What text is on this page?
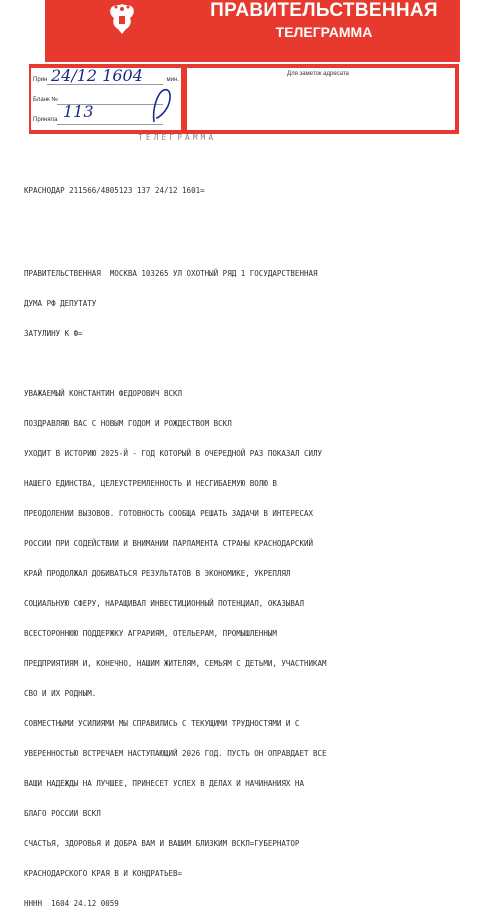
ПРАВИТЕЛЬСТВЕННАЯ
ТЕЛЕГРАММА
Прин 24/12 1604	мин.
Бланк №
Приняла 113
Для заметок адресата
ТЕЛЕГРАММА

КРАСНОДАР 211566/4805123 137 24/12 1601=

ПРАВИТЕЛЬСТВЕННАЯ  МОСКВА 103265 УЛ ОХОТНЫЙ РЯД 1 ГОСУДАРСТВЕННАЯ

ДУМА РФ ДЕПУТАТУ

ЗАТУЛИНУ К Ф=

УВАЖАЕМЫЙ КОНСТАНТИН ФЕДОРОВИЧ ВСКЛ

ПОЗДРАВЛЯЮ ВАС С НОВЫМ ГОДОМ И РОЖДЕСТВОМ ВСКЛ

УХОДИТ В ИСТОРИЮ 2025-Й - ГОД КОТОРЫЙ В ОЧЕРЕДНОЙ РАЗ ПОКАЗАЛ СИЛУ

НАШЕГО ЕДИНСТВА, ЦЕЛЕУСТРЕМЛЕННОСТЬ И НЕСГИБАЕМУЮ ВОЛЮ В

ПРЕОДОЛЕНИИ ВЫЗОВОВ. ГОТОВНОСТЬ СООБЩА РЕШАТЬ ЗАДАЧИ В ИНТЕРЕСАХ

РОССИИ ПРИ СОДЕЙСТВИИ И ВНИМАНИИ ПАРЛАМЕНТА СТРАНЫ КРАСНОДАРСКИЙ

КРАЙ ПРОДОЛЖАЛ ДОБИВАТЬСЯ РЕЗУЛЬТАТОВ В ЭКОНОМИКЕ, УКРЕПЛЯЛ

СОЦИАЛЬНУЮ СФЕРУ, НАРАЩИВАЛ ИНВЕСТИЦИОННЫЙ ПОТЕНЦИАЛ, ОКАЗЫВАЛ

ВСЕСТОРОННЮЮ ПОДДЕРЖКУ АГРАРИЯМ, ОТЕЛЬЕРАМ, ПРОМЫШЛЕННЫМ

ПРЕДПРИЯТИЯМ И, КОНЕЧНО, НАШИМ ЖИТЕЛЯМ, СЕМЬЯМ С ДЕТЬМИ, УЧАСТНИКАМ

СВО И ИХ РОДНЫМ.

СОВМЕСТНЫМИ УСИЛИЯМИ МЫ СПРАВИЛИСЬ С ТЕКУЩИМИ ТРУДНОСТЯМИ И С

УВЕРЕННОСТЬЮ ВСТРЕЧАЕМ НАСТУПАЮЩИЙ 2026 ГОД. ПУСТЬ ОН ОПРАВДАЕТ ВСЕ

ВАШИ НАДЕЖДЫ НА ЛУЧШЕЕ, ПРИНЕСЕТ УСПЕХ В ДЕЛАХ И НАЧИНАНИЯХ НА

БЛАГО РОССИИ ВСКЛ

СЧАСТЬЯ, ЗДОРОВЬЯ И ДОБРА ВАМ И ВАШИМ БЛИЗКИМ ВСКЛ=ГУБЕРНАТОР

КРАСНОДАРСКОГО КРАЯ В И КОНДРАТЬЕВ=

НННН  1604 24.12 0059
